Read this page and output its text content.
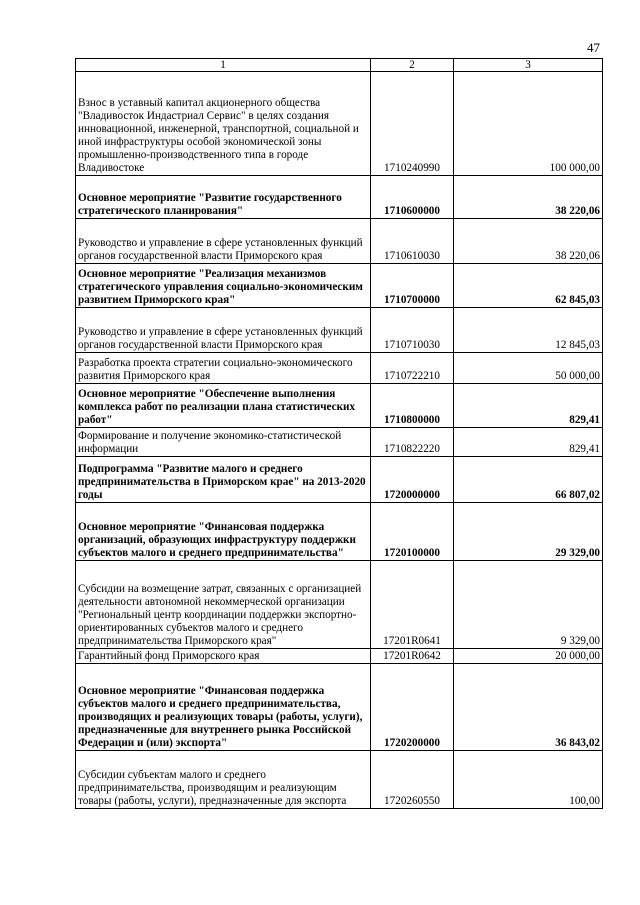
47
1	2	3
Взнос в уставный капитал акционерного общества "Владивосток Индастриал Сервис" в целях создания инновационной, инженерной, транспортной, социальной и иной инфраструктуры особой экономической зоны промышленно-производственного типа в городе Владивостоке	1710240990	100 000,00
Основное мероприятие "Развитие государственного стратегического планирования"	1710600000	38 220,06
Руководство и управление в сфере установленных функций органов государственной власти Приморского края	1710610030	38 220,06
Основное мероприятие "Реализация механизмов стратегического управления социально-экономическим развитием Приморского края"	1710700000	62 845,03
Руководство и управление в сфере установленных функций органов государственной власти Приморского края	1710710030	12 845,03
Разработка проекта стратегии социально-экономического развития Приморского края	1710722210	50 000,00
Основное мероприятие "Обеспечение выполнения комплекса работ по реализации плана статистических работ"	1710800000	829,41
Формирование и получение экономико-статистической информации	1710822220	829,41
Подпрограмма "Развитие малого и среднего предпринимательства в Приморском крае" на 2013-2020 годы	1720000000	66 807,02
Основное мероприятие "Финансовая поддержка организаций, образующих инфраструктуру поддержки субъектов малого и среднего предпринимательства"	1720100000	29 329,00
Субсидии на возмещение затрат, связанных с организацией деятельности автономной некоммерческой организации "Региональный центр координации поддержки экспортно-ориентированных субъектов малого и среднего предпринимательства Приморского края"	17201R0641	9 329,00
Гарантийный фонд Приморского края	17201R0642	20 000,00
Основное мероприятие "Финансовая поддержка субъектов малого и среднего предпринимательства, производящих и реализующих товары (работы, услуги), предназначенные для внутреннего рынка Российской Федерации и (или) экспорта"	1720200000	36 843,02
Субсидии субъектам малого и среднего предпринимательства, производящим и реализующим товары (работы, услуги), предназначенные для экспорта	1720260550	100,00
